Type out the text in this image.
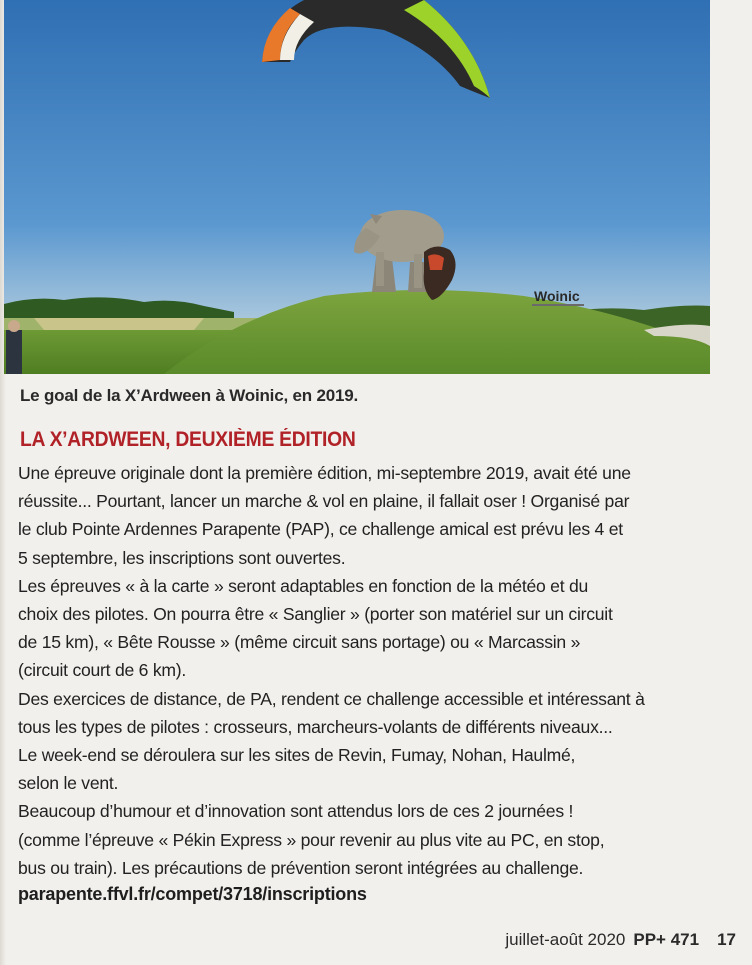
Woinic
Le goal de la X’Ardween à Woinic, en 2019.
LA X’ARDWEEN, DEUXIÈME ÉDITION

Une épreuve originale dont la première édition, mi-septembre 2019, avait été une

réussite... Pourtant, lancer un marche & vol en plaine, il fallait oser ! Organisé par

le club Pointe Ardennes Parapente (PAP), ce challenge amical est prévu les 4 et

5 septembre, les inscriptions sont ouvertes.

Les épreuves « à la carte » seront adaptables en fonction de la météo et du

choix des pilotes. On pourra être « Sanglier » (porter son matériel sur un circuit

de 15 km), « Bête Rousse » (même circuit sans portage) ou « Marcassin »

(circuit court de 6 km).

Des exercices de distance, de PA, rendent ce challenge accessible et intéressant à

tous les types de pilotes : crosseurs, marcheurs-volants de différents niveaux...

Le week-end se déroulera sur les sites de Revin, Fumay, Nohan, Haulmé,

selon le vent.

Beaucoup d’humour et d’innovation sont attendus lors de ces 2 journées !

(comme l’épreuve « Pékin Express » pour revenir au plus vite au PC, en stop,

bus ou train). Les précautions de prévention seront intégrées au challenge.

parapente.ffvl.fr/compet/3718/inscriptions
juillet-août 2020 PP+ 471 17
